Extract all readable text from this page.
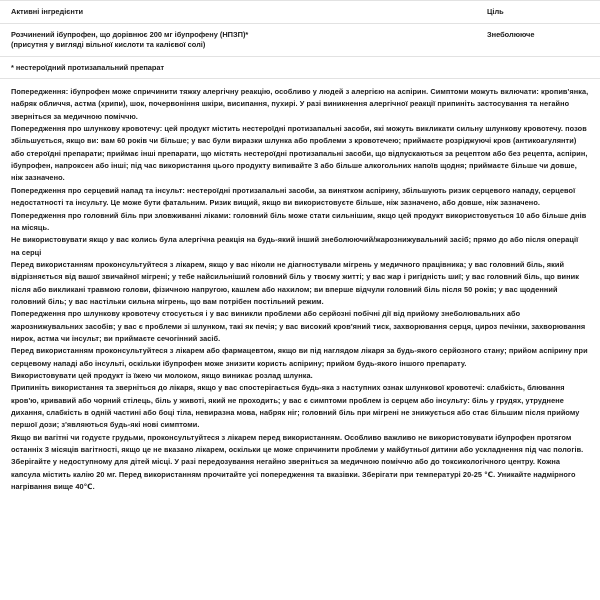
Активні інгредієнти	Ціль
Розчинений ібупрофен, що дорівнює 200 мг ібупрофену (НПЗП)*
(присутня у вигляді вільної кислоти та калієвої солі)	Знеболююче
* нестероїдний протизапальний препарат	

Попередження: ібупрофен може спричинити тяжку алергічну реакцію, особливо у людей з алергією на аспірин. Симптоми можуть включати: кропив'янка, набряк обличчя, астма (хрипи), шок, почервоніння шкіри, висипання, пухирі. У разі виникнення алергічної реакції припиніть застосування та негайно зверніться за медичною поміччю.

Попередження про шлункову кровотечу: цей продукт містить нестероїдні протизапальні засоби, які можуть викликати сильну шлункову кровотечу. позов збільшується, якщо ви: вам 60 років чи більше; у вас були виразки шлунка або проблеми з кровотечею; приймаєте розріджуючі кров (антикоагулянти) або стероїдні препарати; приймає інші препарати, що містять нестероїдні протизапальні засоби, що відпускаються за рецептом або без рецепта, аспірин, ібупрофен, напроксен або інші; під час використання цього продукту випивайте 3 або більше алкогольних напоїв щодня; приймаєте більше чи довше, ніж зазначено.

Попередження про серцевий напад та інсульт: нестероїдні протизапальні засоби, за винятком аспірину, збільшують ризик серцевого нападу, серцевої недостатності та інсульту. Це може бути фатальним. Ризик вищий, якщо ви використовуєте більше, ніж зазначено, або довше, ніж зазначено.

Попередження про головний біль при зловживанні ліками: головний біль може стати сильнішим, якщо цей продукт використовується 10 або більше днів на місяць.

Не використовувати якщо у вас колись була алергічна реакція на будь-який інший знеболюючий/жарознижувальний засіб; прямо до або після операції на серці

Перед використанням проконсультуйтеся з лікарем, якщо у вас ніколи не діагностували мігрень у медичного працівника; у вас головний біль, який відрізняється від вашої звичайної мігрені; у тебе найсильніший головний біль у твоєму житті; у вас жар і ригідність шиї; у вас головний біль, що виник після або викликані травмою голови, фізичною напругою, кашлем або нахилом; ви вперше відчули головний біль після 50 років; у вас щоденний головний біль; у вас настільки сильна мігрень, що вам потрібен постільний режим.

Попередження про шлункову кровотечу стосується і у вас виникли проблеми або серйозні побічні дії від прийому знеболювальних або жарознижувальних засобів; у вас є проблеми зі шлунком, такі як печія; у вас високий кров'яний тиск, захворювання серця, цироз печінки, захворювання нирок, астма чи інсульт; ви приймаєте сечогінний засіб.

Перед використанням проконсультуйтеся з лікарем або фармацевтом, якщо ви під наглядом лікаря за будь-якого серйозного стану; прийом аспірину при серцевому нападі або інсульті, оскільки ібупрофен може знизити користь аспірину; прийом будь-якого іншого препарату.

Використовувати цей продукт із їжею чи молоком, якщо виникає розлад шлунка.

Припиніть використання та зверніться до лікаря, якщо у вас спостерігається будь-яка з наступних ознак шлункової кровотечі: слабкість, блювання кров'ю, кривавий або чорний стілець, біль у животі, який не проходить; у вас є симптоми проблем із серцем або інсульту: біль у грудях, утруднене дихання, слабкість в одній частині або боці тіла, невиразна мова, набряк ніг; головний біль при мігрені не знижується або стає більшим після прийому першої дози; з'являються будь-які нові симптоми.

Якщо ви вагітні чи годуєте грудьми, проконсультуйтеся з лікарем перед використанням. Особливо важливо не використовувати ібупрофен протягом останніх 3 місяців вагітності, якщо це не вказано лікарем, оскільки це може спричинити проблеми у майбутньої дитини або ускладнення під час пологів. Зберігайте у недоступному для дітей місці. У разі передозування негайно зверніться за медичною поміччю або до токсикологічного центру. Кожна капсула містить калію 20 мг. Перед використанням прочитайте усі попередження та вказівки. Зберігати при температурі 20-25 ℃. Уникайте надмірного нагрівання вище 40℃.
